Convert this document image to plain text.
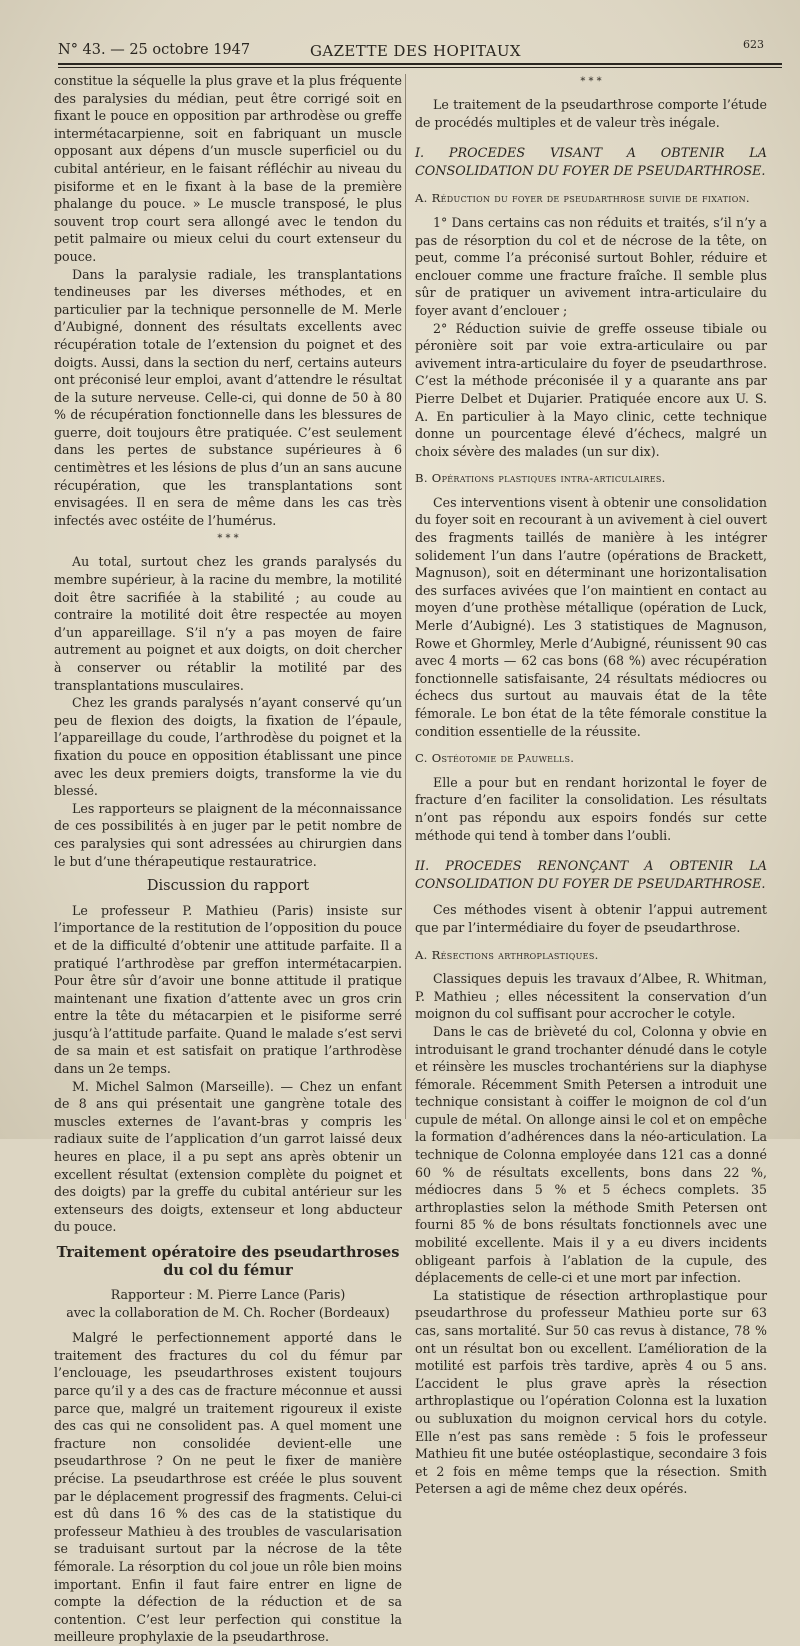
N° 43. — 25 octobre 1947	GAZETTE DES HOPITAUX	623

constitue la séquelle la plus grave et la plus fréquente des paralysies du médian, peut être corrigé soit en fixant le pouce en opposition par arthrodèse ou greffe intermétacarpienne, soit en fabriquant un muscle opposant aux dépens d’un muscle superficiel ou du cubital antérieur, en le faisant réfléchir au niveau du pisiforme et en le fixant à la base de la première phalange du pouce. » Le muscle transposé, le plus souvent trop court sera allongé avec le tendon du petit palmaire ou mieux celui du court extenseur du pouce.

Dans la paralysie radiale, les transplantations tendineuses par les diverses méthodes, et en particulier par la technique personnelle de M. Merle d’Aubigné, donnent des résultats excellents avec récupération totale de l’extension du poignet et des doigts. Aussi, dans la section du nerf, certains auteurs ont préconisé leur emploi, avant d’attendre le résultat de la suture nerveuse. Celle-ci, qui donne de 50 à 80 % de récupération fonctionnelle dans les blessures de guerre, doit toujours être pratiquée. C’est seulement dans les pertes de substance supérieures à 6 centimètres et les lésions de plus d’un an sans aucune récupération, que les transplantations sont envisagées. Il en sera de même dans les cas très infectés avec ostéite de l’humérus.

* * *

Au total, surtout chez les grands paralysés du membre supérieur, à la racine du membre, la motilité doit être sacrifiée à la stabilité ; au coude au contraire la motilité doit être respectée au moyen d’un appareillage. S’il n’y a pas moyen de faire autrement au poignet et aux doigts, on doit chercher à conserver ou rétablir la motilité par des transplantations musculaires.

Chez les grands paralysés n’ayant conservé qu’un peu de flexion des doigts, la fixation de l’épaule, l’appareillage du coude, l’arthrodèse du poignet et la fixation du pouce en opposition établissant une pince avec les deux premiers doigts, transforme la vie du blessé.

Les rapporteurs se plaignent de la méconnaissance de ces possibilités à en juger par le petit nombre de ces paralysies qui sont adressées au chirurgien dans le but d’une thérapeutique restauratrice.

Discussion du rapport

Le professeur P. Mathieu (Paris) insiste sur l’importance de la restitution de l’opposition du pouce et de la difficulté d’obtenir une attitude parfaite. Il a pratiqué l’arthrodèse par greffon intermétacarpien. Pour être sûr d’avoir une bonne attitude il pratique maintenant une fixation d’attente avec un gros crin entre la tête du métacarpien et le pisiforme serré jusqu’à l’attitude parfaite. Quand le malade s’est servi de sa main et est satisfait on pratique l’arthrodèse dans un 2e temps.

M. Michel Salmon (Marseille). — Chez un enfant de 8 ans qui présentait une gangrène totale des muscles externes de l’avant-bras y compris les radiaux suite de l’application d’un garrot laissé deux heures en place, il a pu sept ans après obtenir un excellent résultat (extension complète du poignet et des doigts) par la greffe du cubital antérieur sur les extenseurs des doigts, extenseur et long abducteur du pouce.

Traitement opératoire des pseudarthroses du col du fémur

Rapporteur : M. Pierre Lance (Paris)

avec la collaboration de M. Ch. Rocher (Bordeaux)

Malgré le perfectionnement apporté dans le traitement des fractures du col du fémur par l’enclouage, les pseudarthroses existent toujours parce qu’il y a des cas de fracture méconnue et aussi parce que, malgré un traitement rigoureux il existe des cas qui ne consolident pas. A quel moment une fracture non consolidée devient-elle une pseudarthrose ? On ne peut le fixer de manière précise. La pseudarthrose est créée le plus souvent par le déplacement progressif des fragments. Celui-ci est dû dans 16 % des cas de la statistique du professeur Mathieu à des troubles de vascularisation se traduisant surtout par la nécrose de la tête fémorale. La résorption du col joue un rôle bien moins important. Enfin il faut faire entrer en ligne de compte la défection de la réduction et de sa contention. C’est leur perfection qui constitue la meilleure prophylaxie de la pseudarthrose.

* * *

Le traitement de la pseudarthrose comporte l’étude de procédés multiples et de valeur très inégale.

I. PROCEDES VISANT A OBTENIR LA CONSOLIDATION DU FOYER DE PSEUDARTHROSE.
A. Réduction du foyer de pseudarthrose suivie de fixation.

1° Dans certains cas non réduits et traités, s’il n’y a pas de résorption du col et de nécrose de la tête, on peut, comme l’a préconisé surtout Bohler, réduire et enclouer comme une fracture fraîche. Il semble plus sûr de pratiquer un avivement intra-articulaire du foyer avant d’enclouer ;

2° Réduction suivie de greffe osseuse tibiale ou péronière soit par voie extra-articulaire ou par avivement intra-articulaire du foyer de pseudarthrose. C’est la méthode préconisée il y a quarante ans par Pierre Delbet et Dujarier. Pratiquée encore aux U. S. A. En particulier à la Mayo clinic, cette technique donne un pourcentage élevé d’échecs, malgré un choix sévère des malades (un sur dix).

B. Opérations plastiques intra-articulaires.

Ces interventions visent à obtenir une consolidation du foyer soit en recourant à un avivement à ciel ouvert des fragments taillés de manière à les intégrer solidement l’un dans l’autre (opérations de Brackett, Magnuson), soit en déterminant une horizontalisation des surfaces avivées que l’on maintient en contact au moyen d’une prothèse métallique (opération de Luck, Merle d’Aubigné). Les 3 statistiques de Magnuson, Rowe et Ghormley, Merle d’Aubigné, réunissent 90 cas avec 4 morts — 62 cas bons (68 %) avec récupération fonctionnelle satisfaisante, 24 résultats médiocres ou échecs dus surtout au mauvais état de la tête fémorale. Le bon état de la tête fémorale constitue la condition essentielle de la réussite.

C. Ostéotomie de Pauwells.

Elle a pour but en rendant horizontal le foyer de fracture d’en faciliter la consolidation. Les résultats n’ont pas répondu aux espoirs fondés sur cette méthode qui tend à tomber dans l’oubli.

II. PROCEDES RENONÇANT A OBTENIR LA CONSOLIDATION DU FOYER DE PSEUDARTHROSE.

Ces méthodes visent à obtenir l’appui autrement que par l’intermédiaire du foyer de pseudarthrose.

A. Résections arthroplastiques.

Classiques depuis les travaux d’Albee, R. Whitman, P. Mathieu ; elles nécessitent la conservation d’un moignon du col suffisant pour accrocher le cotyle.

Dans le cas de brièveté du col, Colonna y obvie en introduisant le grand trochanter dénudé dans le cotyle et réinsère les muscles trochantériens sur la diaphyse fémorale. Récemment Smith Petersen a introduit une technique consistant à coiffer le moignon de col d’un cupule de métal. On allonge ainsi le col et on empêche la formation d’adhérences dans la néo-articulation. La technique de Colonna employée dans 121 cas a donné 60 % de résultats excellents, bons dans 22 %, médiocres dans 5 % et 5 échecs complets. 35 arthroplasties selon la méthode Smith Petersen ont fourni 85 % de bons résultats fonctionnels avec une mobilité excellente. Mais il y a eu divers incidents obligeant parfois à l’ablation de la cupule, des déplacements de celle-ci et une mort par infection.

La statistique de résection arthroplastique pour pseudarthrose du professeur Mathieu porte sur 63 cas, sans mortalité. Sur 50 cas revus à distance, 78 % ont un résultat bon ou excellent. L’amélioration de la motilité est parfois très tardive, après 4 ou 5 ans. L’accident le plus grave après la résection arthroplastique ou l’opération Colonna est la luxation ou subluxation du moignon cervical hors du cotyle. Elle n’est pas sans remède : 5 fois le professeur Mathieu fit une butée ostéoplastique, secondaire 3 fois et 2 fois en même temps que la résection. Smith Petersen a agi de même chez deux opérés.
